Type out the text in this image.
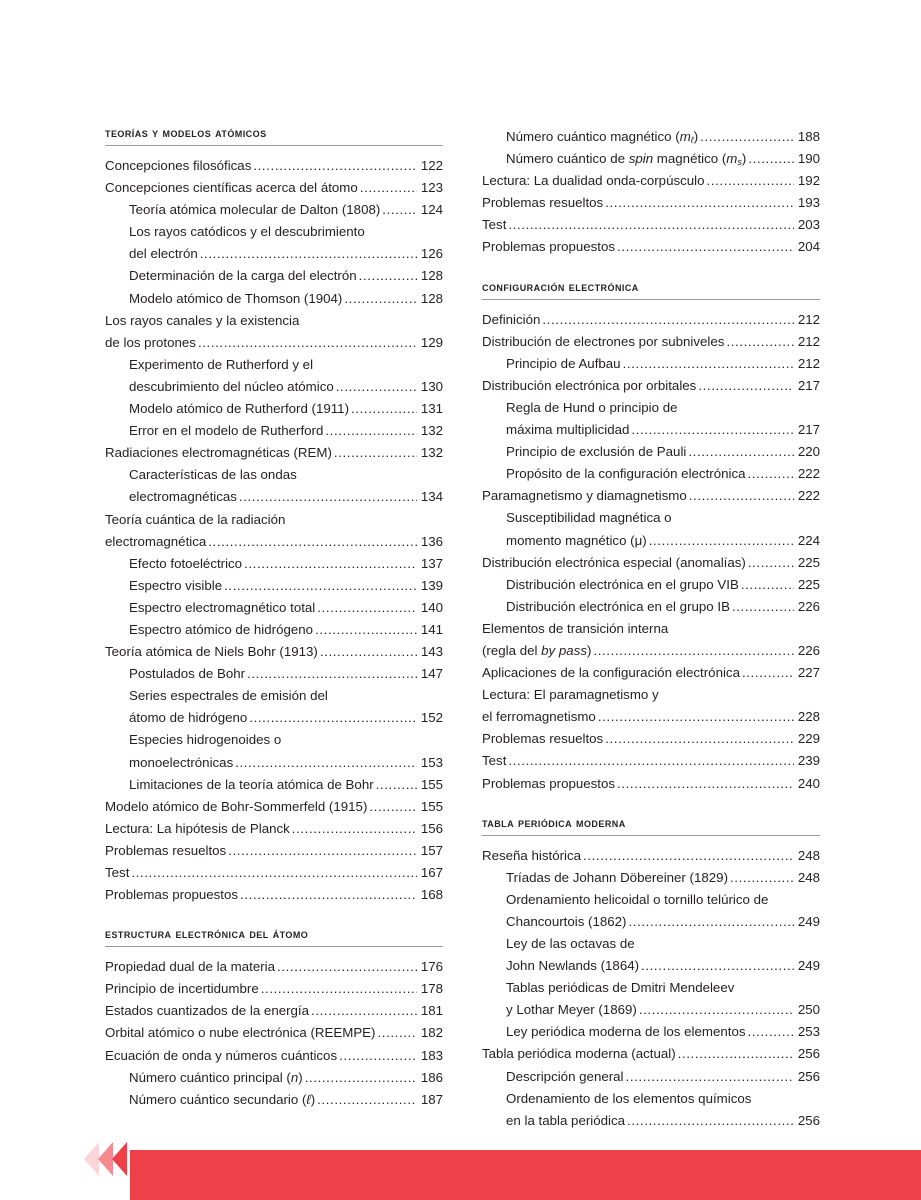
teorías y modelos atómicos
Concepciones filosóficas .....	122
Concepciones científicas acerca del átomo .....	123
Teoría atómica molecular de Dalton (1808) .....	124
Los rayos catódicos y el descubrimiento
del electrón .....	126
Determinación de la carga del electrón .....	128
Modelo atómico de Thomson (1904) .....	128
Los rayos canales y la existencia
de los protones .....	129
Experimento de Rutherford y el
descubrimiento del núcleo atómico .....	130
Modelo atómico de Rutherford (1911) .....	131
Error en el modelo de Rutherford .....	132
Radiaciones electromagnéticas (REM) .....	132
Características de las ondas
electromagnéticas .....	134
Teoría cuántica de la radiación
electromagnética .....	136
Efecto fotoeléctrico .....	137
Espectro visible .....	139
Espectro electromagnético total .....	140
Espectro atómico de hidrógeno .....	141
Teoría atómica de Niels Bohr (1913) .....	143
Postulados de Bohr .....	147
Series espectrales de emisión del
átomo de hidrógeno .....	152
Especies hidrogenoides o
monoelectrónicas .....	153
Limitaciones de la teoría atómica de Bohr .....	155
Modelo atómico de Bohr-Sommerfeld (1915) .....	155
Lectura: La hipótesis de Planck .....	156
Problemas resueltos .....	157
Test .....	167
Problemas propuestos .....	168
estructura electrónica del átomo
Propiedad dual de la materia .....	176
Principio de incertidumbre .....	178
Estados cuantizados de la energía .....	181
Orbital atómico o nube electrónica (REEMPE) .....	182
Ecuación de onda y números cuánticos .....	183
Número cuántico principal (n) .....	186
Número cuántico secundario (ℓ) .....	187
Número cuántico magnético $(m_\ell)$ .....	188
Número cuántico de spin magnético $(m_s)$ .....	190
Lectura: La dualidad onda-corpúsculo .....	192
Problemas resueltos .....	193
Test .....	203
Problemas propuestos .....	204
configuración electrónica
Definición .....	212
Distribución de electrones por subniveles .....	212
Principio de Aufbau .....	212
Distribución electrónica por orbitales .....	217
Regla de Hund o principio de
máxima multiplicidad .....	217
Principio de exclusión de Pauli .....	220
Propósito de la configuración electrónica .....	222
Paramagnetismo y diamagnetismo .....	222
Susceptibilidad magnética o
momento magnético (μ) .....	224
Distribución electrónica especial (anomalías) .....	225
Distribución electrónica en el grupo VIB .....	225
Distribución electrónica en el grupo IB .....	226
Elementos de transición interna
(regla del by pass) .....	226
Aplicaciones de la configuración electrónica .....	227
Lectura: El paramagnetismo y
el ferromagnetismo .....	228
Problemas resueltos .....	229
Test .....	239
Problemas propuestos .....	240
tabla periódica moderna
Reseña histórica .....	248
Tríadas de Johann Döbereiner (1829) .....	248
Ordenamiento helicoidal o tornillo telúrico de
Chancourtois (1862) .....	249
Ley de las octavas de
John Newlands (1864) .....	249
Tablas periódicas de Dmitri Mendeleev
y Lothar Meyer (1869) .....	250
Ley periódica moderna de los elementos .....	253
Tabla periódica moderna (actual) .....	256
Descripción general .....	256
Ordenamiento de los elementos químicos
en la tabla periódica .....	256
